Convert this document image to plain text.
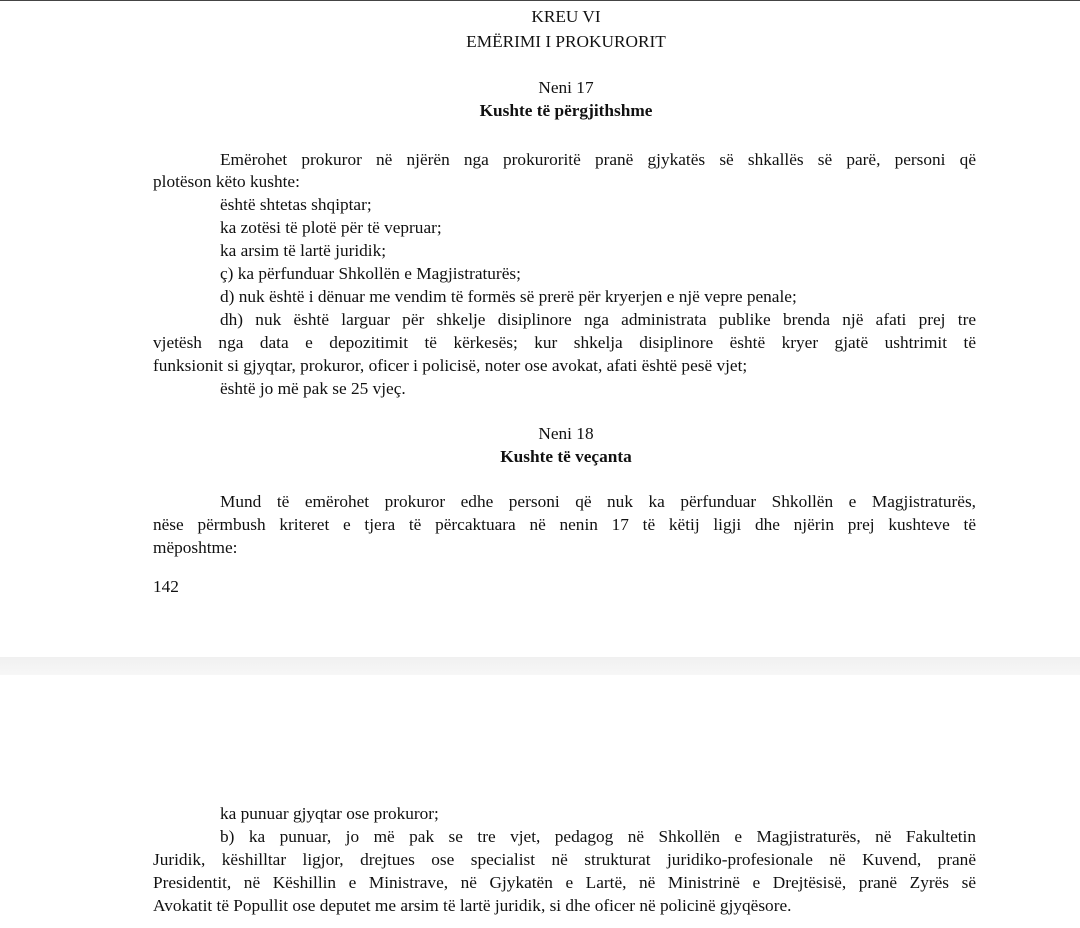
KREU VI
EMËRIMI I PROKURORIT
Neni 17
Kushte të përgjithshme
Emërohet prokuror në njërën nga prokuroritë pranë gjykatës së shkallës së parë, personi që
plotëson këto kushte:
është shtetas shqiptar;
ka zotësi të plotë për të vepruar;
ka arsim të lartë juridik;
ç) ka përfunduar Shkollën e Magjistraturës;
d) nuk është i dënuar me vendim të formës së prerë për kryerjen e një vepre penale;
dh) nuk është larguar për shkelje disiplinore nga administrata publike brenda një afati prej tre
vjetësh nga data e depozitimit të kërkesës; kur shkelja disiplinore është kryer gjatë ushtrimit të
funksionit si gjyqtar, prokuror, oficer i policisë, noter ose avokat, afati është pesë vjet;
është jo më pak se 25 vjeç.
Neni 18
Kushte të veçanta
Mund të emërohet prokuror edhe personi që nuk ka përfunduar Shkollën e Magjistraturës,
nëse përmbush kriteret e tjera të përcaktuara në nenin 17 të këtij ligji dhe njërin prej kushteve të
mëposhtme:
142
ka punuar gjyqtar ose prokuror;
b) ka punuar, jo më pak se tre vjet, pedagog në Shkollën e Magjistraturës, në Fakultetin
Juridik, këshilltar ligjor, drejtues ose specialist në strukturat juridiko-profesionale në Kuvend, pranë
Presidentit, në Këshillin e Ministrave, në Gjykatën e Lartë, në Ministrinë e Drejtësisë, pranë Zyrës së
Avokatit të Popullit ose deputet me arsim të lartë juridik, si dhe oficer në policinë gjyqësore.
